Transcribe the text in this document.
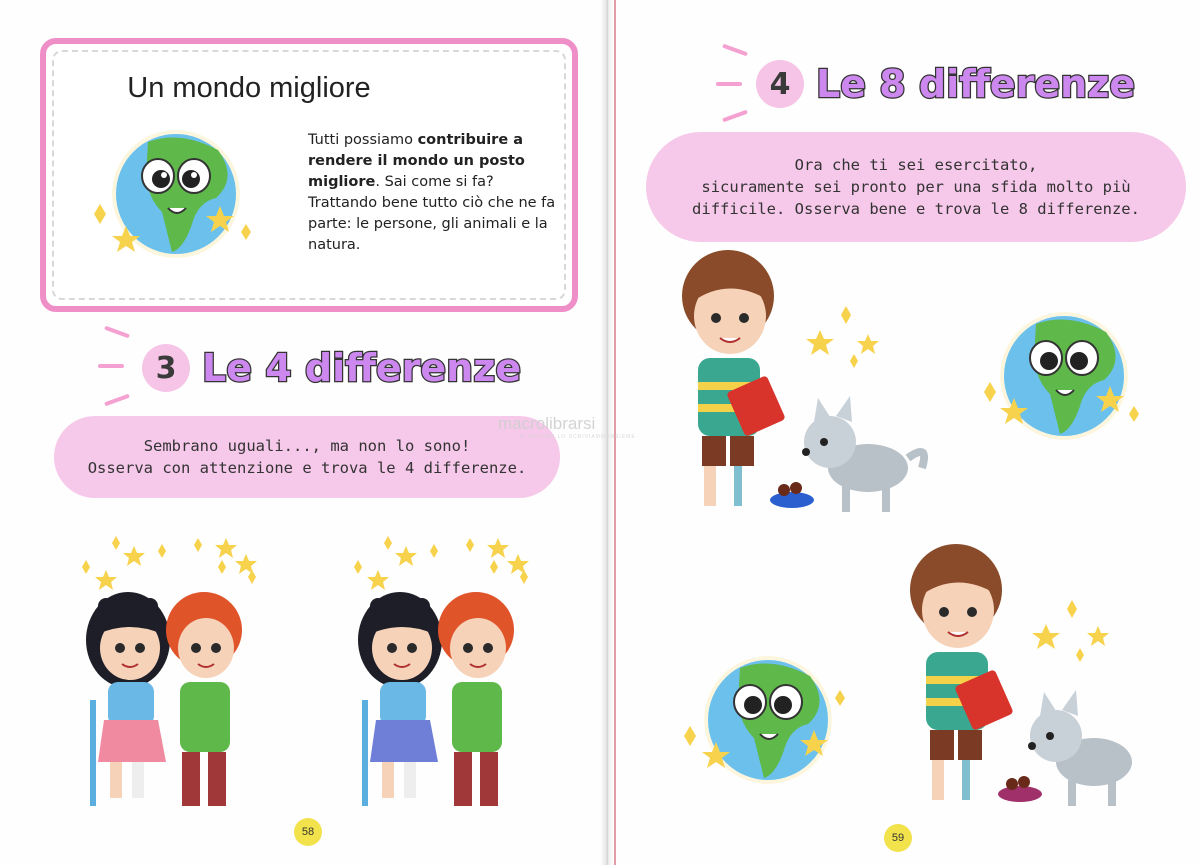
Un mondo migliore
Tutti possiamo contribuire a rendere il mondo un posto migliore. Sai come si fa? Trattando bene tutto ciò che ne fa parte: le persone, gli animali e la natura.
3 Le 4 differenze
Sembrano uguali..., ma non lo sono!
Osserva con attenzione e trova le 4 differenze.
58
4 Le 8 differenze
Ora che ti sei esercitato,
sicuramente sei pronto per una sfida molto più
difficile. Osserva bene e trova le 8 differenze.
59
macrolibrarsi
IL FUTURO LO SCRIVIAMO INSIEME
